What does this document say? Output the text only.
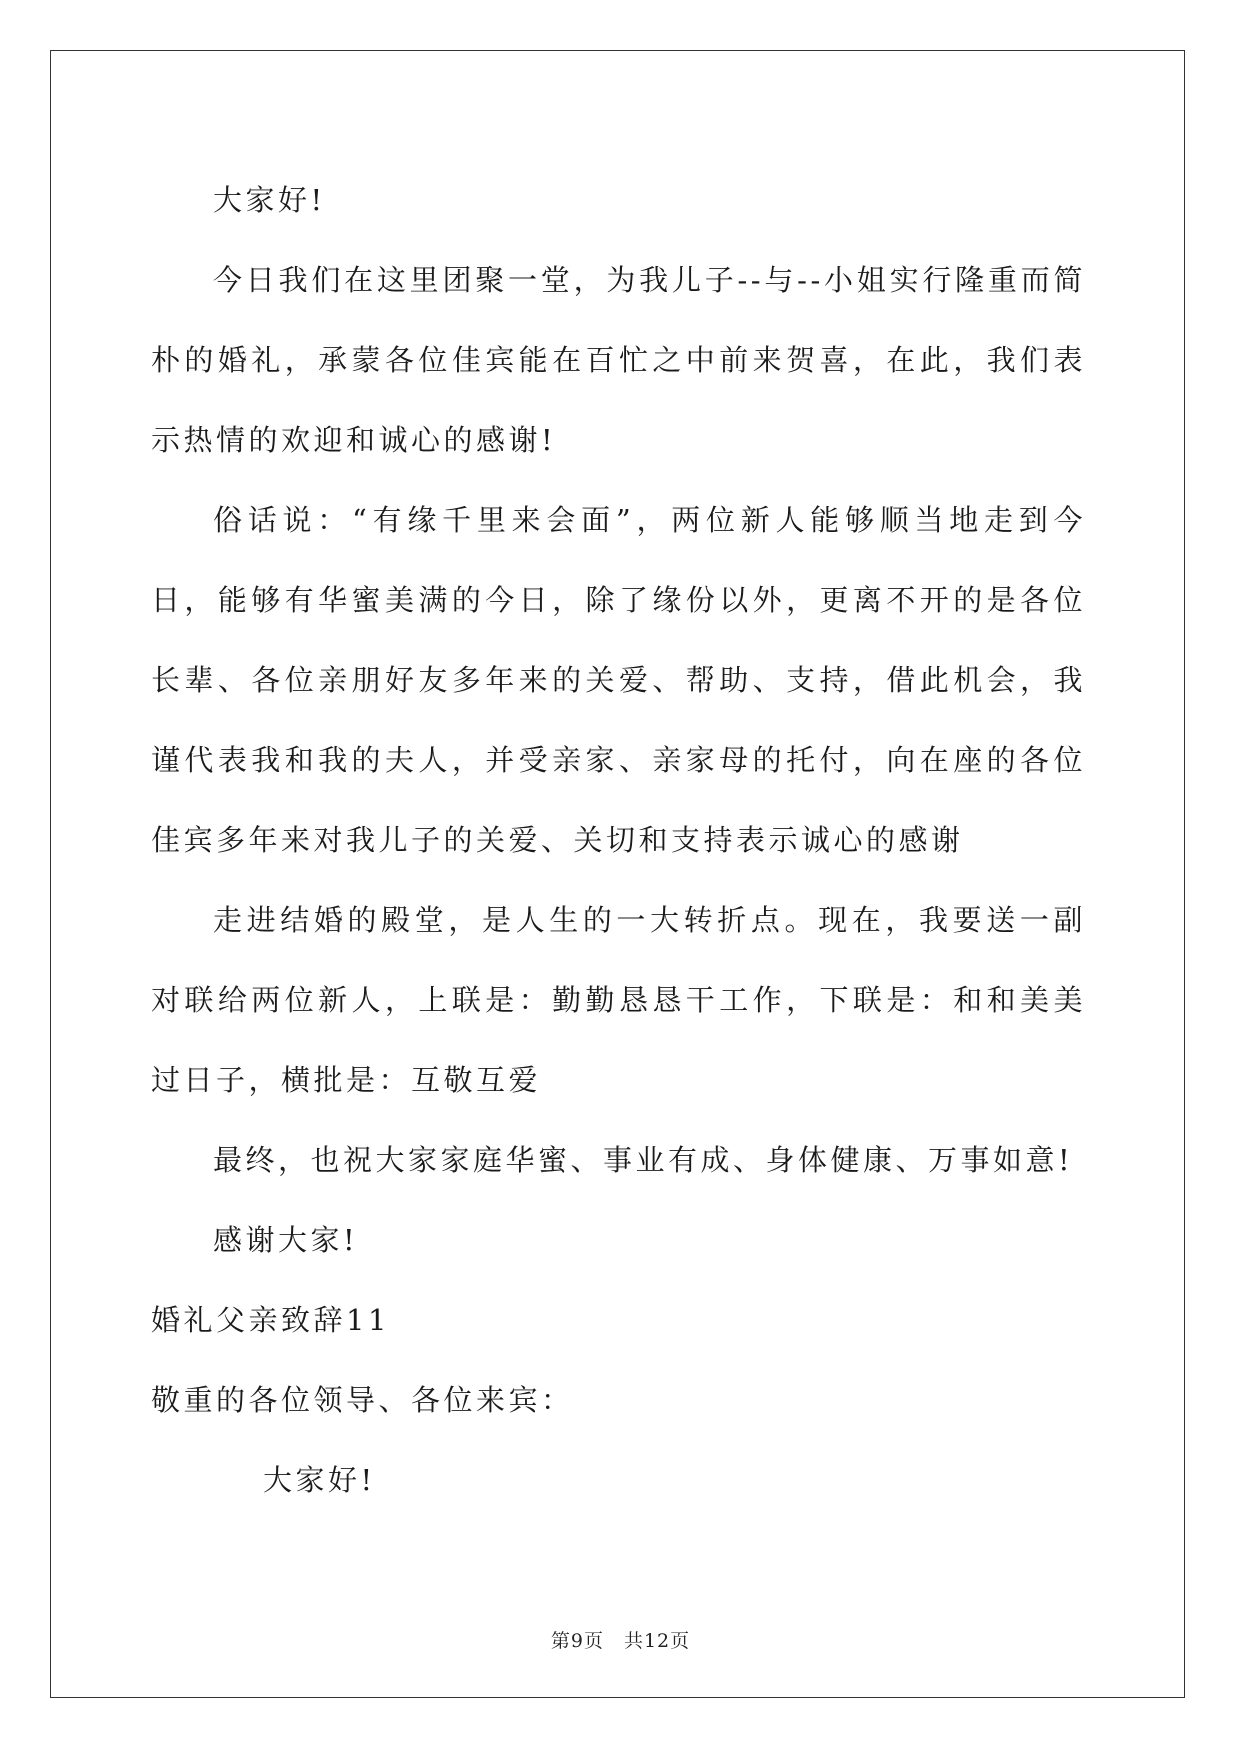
大家好!

今日我们在这里团聚一堂，为我儿子--与--小姐实行隆重而简朴的婚礼，承蒙各位佳宾能在百忙之中前来贺喜，在此，我们表示热情的欢迎和诚心的感谢!

俗话说：“有缘千里来会面”，两位新人能够顺当地走到今日，能够有华蜜美满的今日，除了缘份以外，更离不开的是各位长辈、各位亲朋好友多年来的关爱、帮助、支持，借此机会，我谨代表我和我的夫人，并受亲家、亲家母的托付，向在座的各位佳宾多年来对我儿子的关爱、关切和支持表示诚心的感谢

走进结婚的殿堂，是人生的一大转折点。现在，我要送一副对联给两位新人，上联是：勤勤恳恳干工作，下联是：和和美美过日子，横批是：互敬互爱

最终，也祝大家家庭华蜜、事业有成、身体健康、万事如意!

感谢大家!

婚礼父亲致辞11

敬重的各位领导、各位来宾：

大家好!

第9页　共12页
